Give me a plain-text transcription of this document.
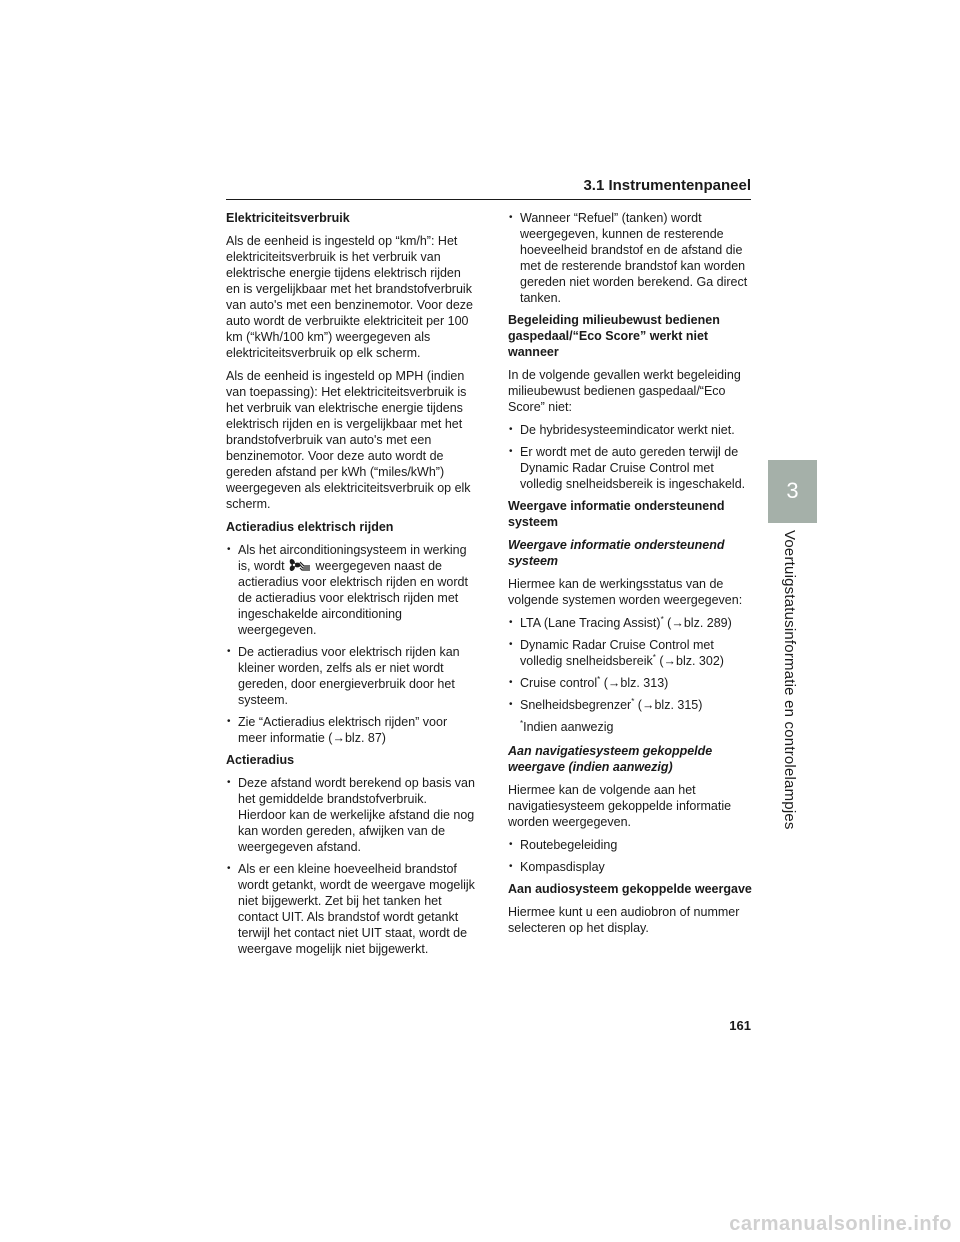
3.1 Instrumentenpaneel
3
Voertuigstatusinformatie en controlelampjes
Elektriciteitsverbruik
Als de eenheid is ingesteld op “km/h”: Het elektriciteitsverbruik is het verbruik van elektrische energie tijdens elektrisch rijden en is vergelijkbaar met het brandstofverbruik van auto's met een benzinemotor. Voor deze auto wordt de verbruikte elektriciteit per 100 km (“kWh/100 km”) weergegeven als elektriciteitsverbruik op elk scherm.
Als de eenheid is ingesteld op MPH (indien van toepassing): Het elektriciteitsverbruik is het verbruik van elektrische energie tijdens elektrisch rijden en is vergelijkbaar met het brandstofverbruik van auto's met een benzinemotor. Voor deze auto wordt de gereden afstand per kWh (“miles/kWh”) weergegeven als elektriciteitsverbruik op elk scherm.
Actieradius elektrisch rijden
• Als het airconditioningsysteem in werking is, wordt weergegeven naast de actieradius voor elektrisch rijden en wordt de actieradius voor elektrisch rijden met ingeschakelde airconditioning weergegeven.
• De actieradius voor elektrisch rijden kan kleiner worden, zelfs als er niet wordt gereden, door energieverbruik door het systeem.
• Zie “Actieradius elektrisch rijden” voor meer informatie (→blz. 87)
Actieradius
• Deze afstand wordt berekend op basis van het gemiddelde brandstofverbruik. Hierdoor kan de werkelijke afstand die nog kan worden gereden, afwijken van de weergegeven afstand.
• Als er een kleine hoeveelheid brandstof wordt getankt, wordt de weergave mogelijk niet bijgewerkt. Zet bij het tanken het contact UIT. Als brandstof wordt getankt terwijl het contact niet UIT staat, wordt de weergave mogelijk niet bijgewerkt.
• Wanneer “Refuel” (tanken) wordt weergegeven, kunnen de resterende hoeveelheid brandstof en de afstand die met de resterende brandstof kan worden gereden niet worden berekend. Ga direct tanken.
Begeleiding milieubewust bedienen gaspedaal/“Eco Score” werkt niet wanneer
In de volgende gevallen werkt begeleiding milieubewust bedienen gaspedaal/“Eco Score” niet:
• De hybridesysteemindicator werkt niet.
• Er wordt met de auto gereden terwijl de Dynamic Radar Cruise Control met volledig snelheidsbereik is ingeschakeld.
Weergave informatie ondersteunend systeem
Weergave informatie ondersteunend systeem
Hiermee kan de werkingsstatus van de volgende systemen worden weergegeven:
• LTA (Lane Tracing Assist)* (→blz. 289)
• Dynamic Radar Cruise Control met volledig snelheidsbereik* (→blz. 302)
• Cruise control* (→blz. 313)
• Snelheidsbegrenzer* (→blz. 315)
*Indien aanwezig
Aan navigatiesysteem gekoppelde weergave (indien aanwezig)
Hiermee kan de volgende aan het navigatiesysteem gekoppelde informatie worden weergegeven.
• Routebegeleiding
• Kompasdisplay
Aan audiosysteem gekoppelde weergave
Hiermee kunt u een audiobron of nummer selecteren op het display.
161
carmanualsonline.info
